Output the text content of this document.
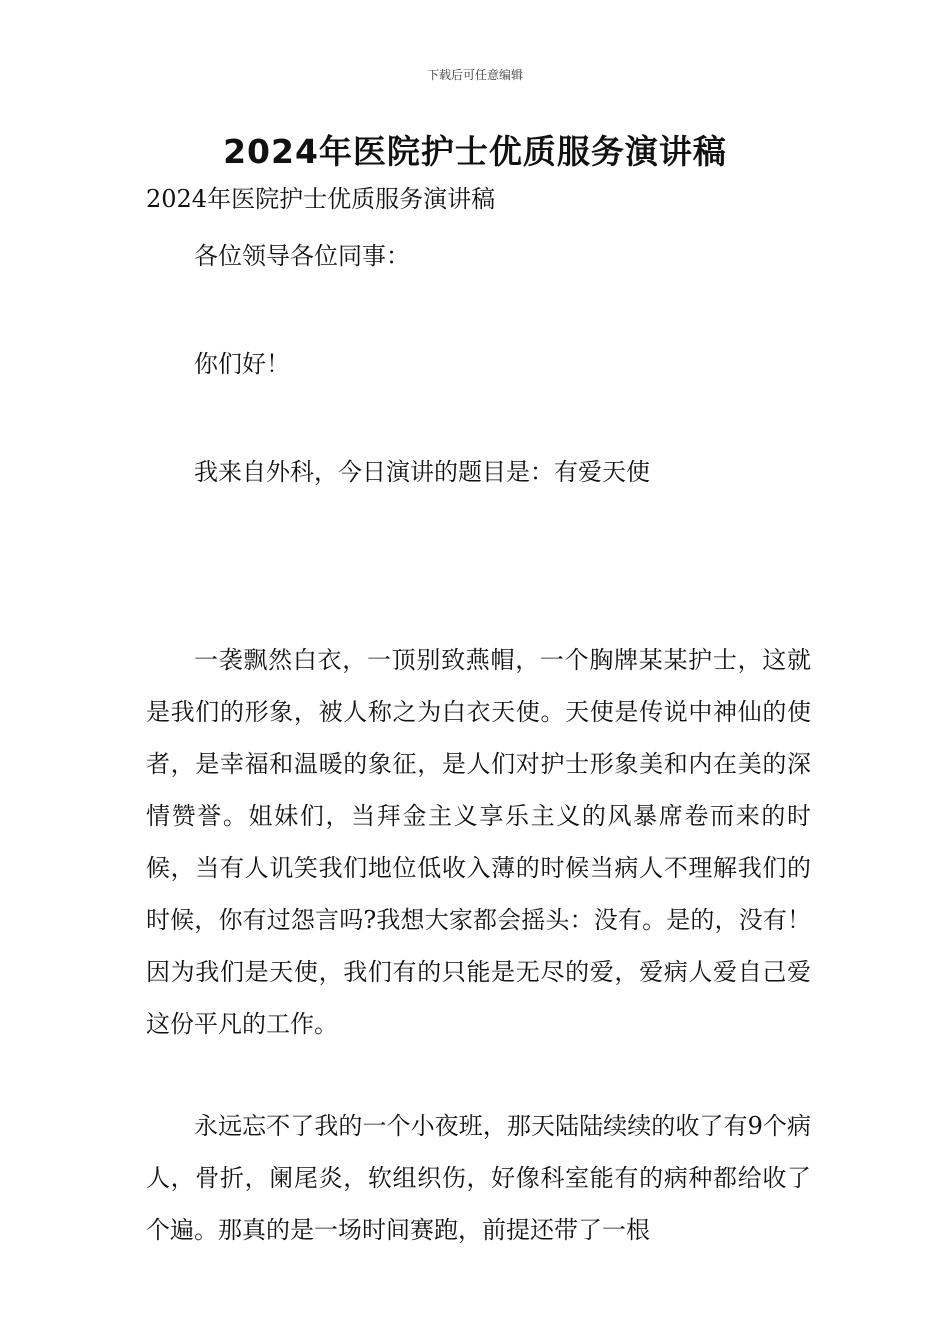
下载后可任意编辑
2024年医院护士优质服务演讲稿

2024年医院护士优质服务演讲稿

各位领导各位同事：

你们好！

我来自外科，今日演讲的题目是：有爱天使

一袭飘然白衣，一顶别致燕帽，一个胸牌某某护士，这就是我们的形象，被人称之为白衣天使。天使是传说中神仙的使者，是幸福和温暖的象征，是人们对护士形象美和内在美的深情赞誉。姐妹们，当拜金主义享乐主义的风暴席卷而来的时候，当有人讥笑我们地位低收入薄的时候当病人不理解我们的时候，你有过怨言吗?我想大家都会摇头：没有。是的，没有！因为我们是天使，我们有的只能是无尽的爱，爱病人爱自己爱这份平凡的工作。

永远忘不了我的一个小夜班，那天陆陆续续的收了有9个病人，骨折，阑尾炎，软组织伤，好像科室能有的病种都给收了个遍。那真的是一场时间赛跑，前提还带了一根
